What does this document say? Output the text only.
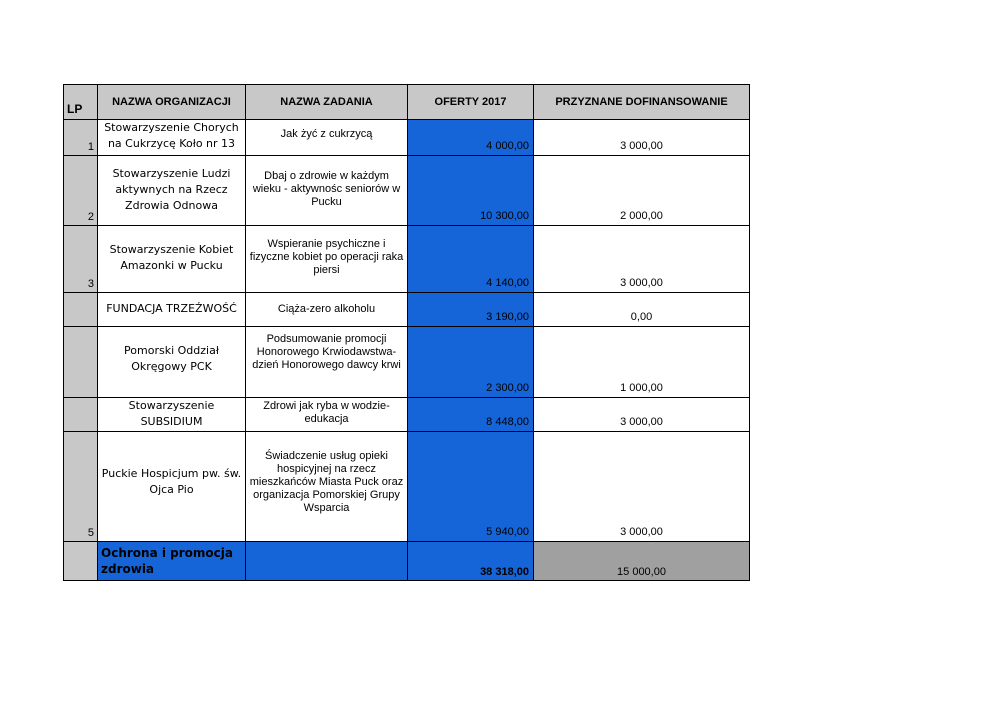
LP	NAZWA ORGANIZACJI	NAZWA ZADANIA	OFERTY 2017	PRZYZNANE DOFINANSOWANIE
1	Stowarzyszenie Chorych na Cukrzycę Koło nr 13	Jak żyć z cukrzycą	4 000,00	3 000,00
2	Stowarzyszenie Ludzi aktywnych na Rzecz Zdrowia Odnowa	Dbaj o zdrowie w każdym wieku - aktywnośc seniorów w Pucku	10 300,00	2 000,00
3	Stowarzyszenie Kobiet Amazonki w Pucku	Wspieranie psychiczne i fizyczne kobiet po operacji raka piersi	4 140,00	3 000,00
	FUNDACJA TRZEŹWOŚĆ	Ciąża-zero alkoholu	3 190,00	0,00
	Pomorski Oddział Okręgowy PCK	Podsumowanie promocji Honorowego Krwiodawstwa- dzień Honorowego dawcy krwi	2 300,00	1 000,00
	Stowarzyszenie SUBSIDIUM	Zdrowi jak ryba w wodzie- edukacja	8 448,00	3 000,00
5	Puckie Hospicjum pw. św. Ojca Pio	Świadczenie usług opieki hospicyjnej na rzecz mieszkańców Miasta Puck oraz organizacja Pomorskiej Grupy Wsparcia	5 940,00	3 000,00
	Ochrona i promocja zdrowia		38 318,00	15 000,00
